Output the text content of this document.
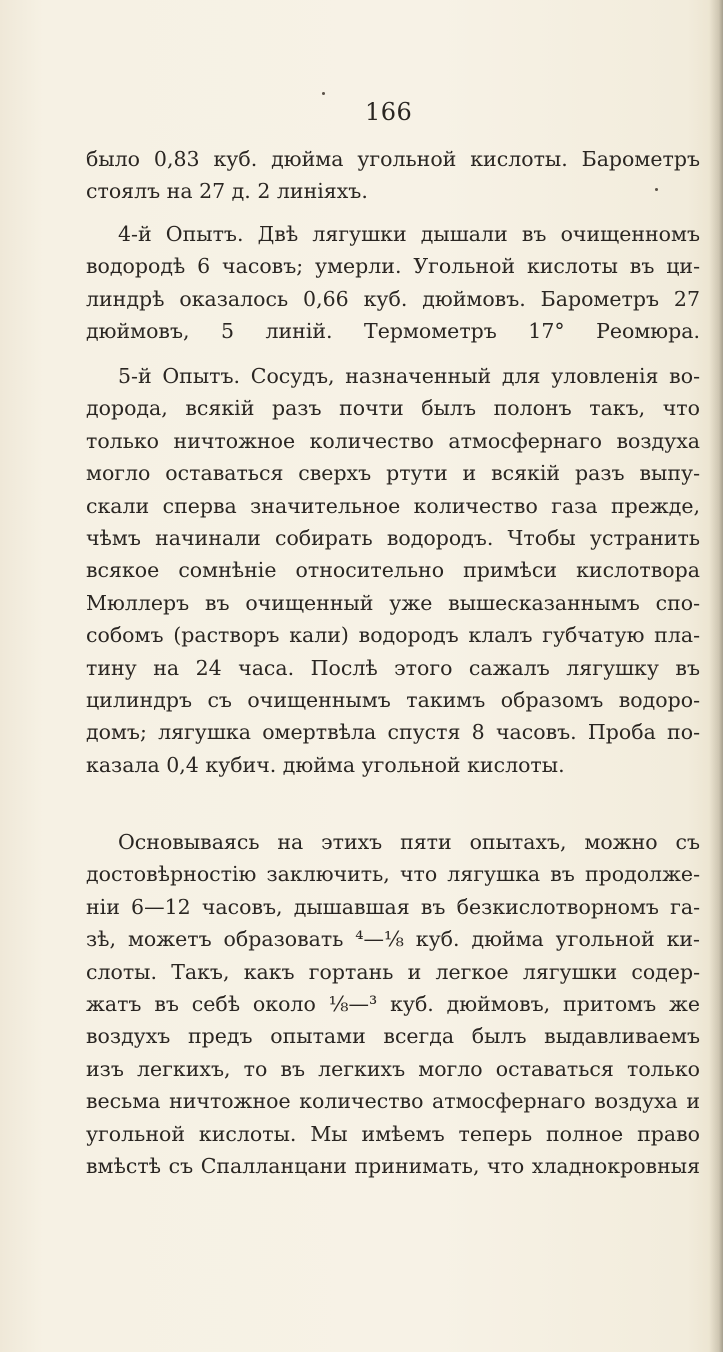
166
было 0,83 куб. дюйма угольной кислоты. Барометръ
стоялъ на 27 д. 2 линіяхъ.
4-й Опытъ. Двѣ лягушки дышали въ очищенномъ
водородѣ 6 часовъ; умерли. Угольной кислоты въ ци-
линдрѣ оказалось 0,66 куб. дюймовъ. Барометръ 27
дюймовъ, 5 линій. Термометръ 17° Реомюра.
5-й Опытъ. Сосудъ, назначенный для уловленія во-
дорода, всякій разъ почти былъ полонъ такъ, что
только ничтожное количество атмосфернаго воздуха
могло оставаться сверхъ ртути и всякій разъ выпу-
скали сперва значительное количество газа прежде,
чѣмъ начинали собирать водородъ. Чтобы устранить
всякое сомнѣніе относительно примѣси кислотвора
Мюллеръ въ очищенный уже вышесказаннымъ спо-
собомъ (растворъ кали) водородъ клалъ губчатую пла-
тину на 24 часа. Послѣ этого сажалъ лягушку въ
цилиндръ съ очищеннымъ такимъ образомъ водоро-
домъ; лягушка омертвѣла спустя 8 часовъ. Проба по-
казала 0,4 кубич. дюйма угольной кислоты.
Основываясь на этихъ пяти опытахъ, можно съ
достовѣрностію заключить, что лягушка въ продолже-
ніи 6—12 часовъ, дышавшая въ безкислотворномъ га-
зѣ, можетъ образовать ⁴—⅛ куб. дюйма угольной ки-
слоты. Такъ, какъ гортань и легкое лягушки содер-
жатъ въ себѣ около ⅛—³ куб. дюймовъ, притомъ же
воздухъ предъ опытами всегда былъ выдавливаемъ
изъ легкихъ, то въ легкихъ могло оставаться только
весьма ничтожное количество атмосфернаго воздуха и
угольной кислоты. Мы имѣемъ теперь полное право
вмѣстѣ съ Спалланцани принимать, что хладнокровныя
